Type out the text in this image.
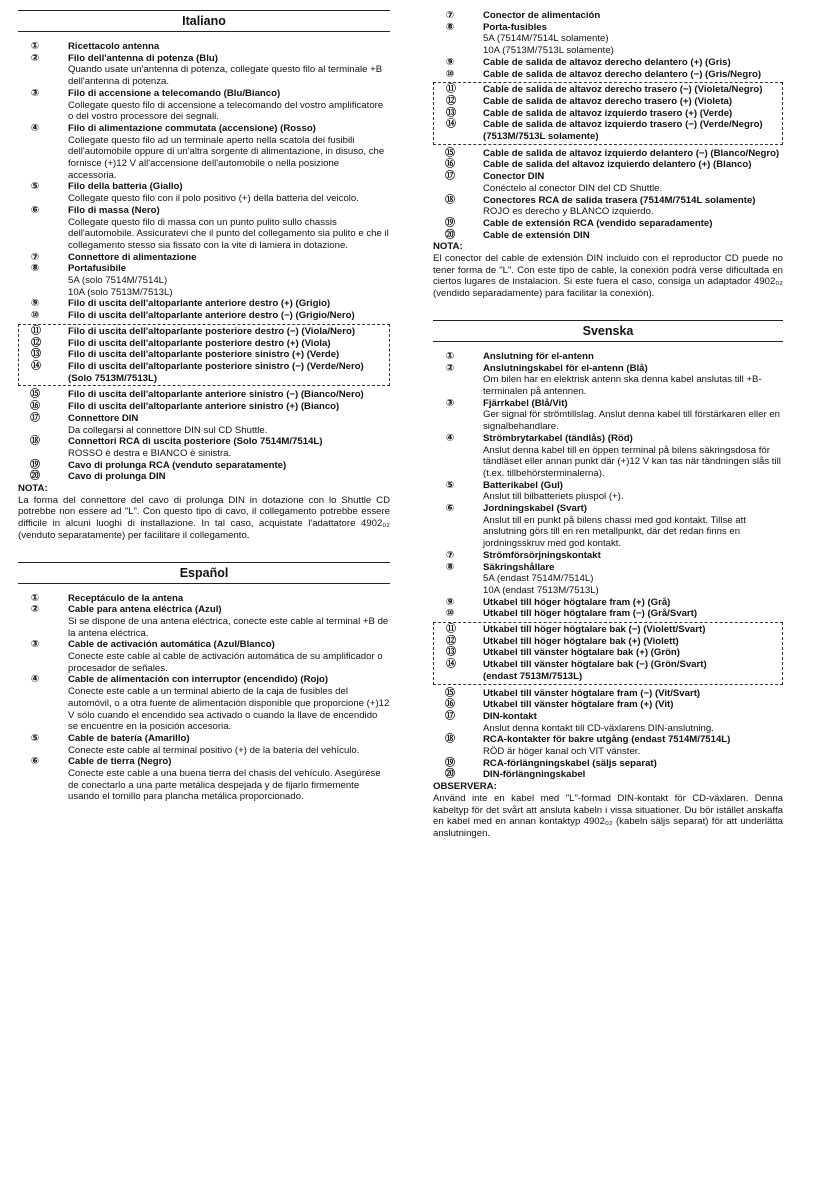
Italiano
①	Ricettacolo antenna
②	Filo dell'antenna di potenza (Blu)
Quando usate un'antenna di potenza, collegate questo filo al terminale +B dell'antenna di potenza.
③	Filo di accensione a telecomando (Blu/Bianco)
Collegate questo filo di accensione a telecomando del vostro amplificatore o del vostro processore dei segnali.
④	Filo di alimentazione commutata (accensione) (Rosso)
Collegate questo filo ad un terminale aperto nella scatola dei fusibili dell'automobile oppure di un'altra sorgente di alimentazione, in disuso, che fornisce (+)12 V all'accensione dell'automobile o nella posizione accessoria.
⑤	Filo della batteria (Giallo)
Collegate questo filo con il polo positivo (+) della batteria del veicolo.
⑥	Filo di massa (Nero)
Collegate questo filo di massa con un punto pulito sullo chassis dell'automobile. Assicuratevi che il punto del collegamento sia pulito e che il collegamento stesso sia fissato con la vite di lamiera in dotazione.
⑦	Connettore di alimentazione
⑧	Portafusibile
5A (solo 7514M/7514L)
10A (solo 7513M/7513L)
⑨	Filo di uscita dell'altoparlante anteriore destro (+) (Grigio)
⑩	Filo di uscita dell'altoparlante anteriore destro (−) (Grigio/Nero)
⑪	Filo di uscita dell'altoparlante posteriore destro (−) (Viola/Nero)
⑫	Filo di uscita dell'altoparlante posteriore destro (+) (Viola)
⑬	Filo di uscita dell'altoparlante posteriore sinistro (+) (Verde)
⑭	Filo di uscita dell'altoparlante posteriore sinistro (−) (Verde/Nero)
(Solo 7513M/7513L)
⑮	Filo di uscita dell'altoparlante anteriore sinistro (−) (Bianco/Nero)
⑯	Filo di uscita dell'altoparlante anteriore sinistro (+) (Bianco)
⑰	Connettore DIN
Da collegarsi al connettore DIN sul CD Shuttle.
⑱	Connettori RCA di uscita posteriore (Solo 7514M/7514L)
ROSSO è destra e BIANCO è sinistra.
⑲	Cavo di prolunga RCA (venduto separatamente)
⑳	Cavo di prolunga DIN
NOTA:
La forma del connettore del cavo di prolunga DIN in dotazione con lo Shuttle CD potrebbe non essere ad "L". Con questo tipo di cavo, il collegamento potrebbe essere difficile in alcuni luoghi di installazione. In tal caso, acquistate l'adattatore 4902₀₂ (venduto separatamente) per facilitare il collegamento.
Español
①	Receptáculo de la antena
②	Cable para antena eléctrica (Azul)
Si se dispone de una antena eléctrica, conecte este cable al terminal +B de la antena eléctrica.
③	Cable de activación automática (Azul/Blanco)
Conecte este cable al cable de activación automática de su amplificador o procesador de señales.
④	Cable de alimentación con interruptor (encendido) (Rojo)
Conecte este cable a un terminal abierto de la caja de fusibles del automóvil, o a otra fuente de alimentación disponible que proporcione (+)12 V sólo cuando el encendido sea activado o cuando la llave de encendido se encuentre en la posición accesoria.
⑤	Cable de batería (Amarillo)
Conecte este cable al terminal positivo (+) de la batería del vehículo.
⑥	Cable de tierra (Negro)
Conecte este cable a una buena tierra del chasis del vehículo. Asegúrese de conectarlo a una parte metálica despejada y de fijarlo firmemente usando el tornillo para plancha metálica proporcionado.
⑦	Conector de alimentación
⑧	Porta-fusibles
5A (7514M/7514L solamente)
10A (7513M/7513L solamente)
⑨	Cable de salida de altavoz derecho delantero (+) (Gris)
⑩	Cable de salida de altavoz derecho delantero (−) (Gris/Negro)
⑪	Cable de salida de altavoz derecho trasero (−) (Violeta/Negro)
⑫	Cable de salida de altavoz derecho trasero (+) (Violeta)
⑬	Cable de salida de altavoz izquierdo trasero (+) (Verde)
⑭	Cable de salida de altavoz izquierdo trasero (−) (Verde/Negro)
(7513M/7513L solamente)
⑮	Cable de salida de altavoz izquierdo delantero (−) (Blanco/Negro)
⑯	Cable de salida del altavoz izquierdo delantero (+) (Blanco)
⑰	Conector DIN
Conéctelo al conector DIN del CD Shuttle.
⑱	Conectores RCA de salida trasera (7514M/7514L solamente)
ROJO es derecho y BLANCO izquierdo.
⑲	Cable de extensión RCA (vendido separadamente)
⑳	Cable de extensión DIN
NOTA:
El conector del cable de extensión DIN incluido con el reproductor CD puede no tener forma de "L". Con este tipo de cable, la conexión podrá verse dificultada en ciertos lugares de instalacion. Si este fuera el caso, consiga un adaptador 4902₀₂ (vendido separadamente) para facilitar la conexión).
Svenska
①	Anslutning för el-antenn
②	Anslutningskabel för el-antenn (Blå)
Om bilen har en elektrisk antenn ska denna kabel anslutas till +B-terminalen på antennen.
③	Fjärrkabel (Blå/Vit)
Ger signal för strömtillslag. Anslut denna kabel till förstärkaren eller en signalbehandlare.
④	Strömbrytarkabel (tändlås) (Röd)
Anslut denna kabel till en öppen terminal på bilens säkringsdosa för tändläset eller annan punkt där (+)12 V kan tas när tändningen slås till (t.ex. tillbehörsterminalerna).
⑤	Batterikabel (Gul)
Anslut till bilbatteriets pluspol (+).
⑥	Jordningskabel (Svart)
Anslut till en punkt på bilens chassi med god kontakt. Tillse att anslutning görs till en ren metallpunkt, där det redan finns en jordningsskruv med god kontakt.
⑦	Strömförsörjningskontakt
⑧	Säkringshållare
5A (endast 7514M/7514L)
10A (endast 7513M/7513L)
⑨	Utkabel till höger högtalare fram (+) (Grå)
⑩	Utkabel till höger högtalare fram (−) (Grå/Svart)
⑪	Utkabel till höger högtalare bak (−) (Violett/Svart)
⑫	Utkabel till höger högtalare bak (+) (Violett)
⑬	Utkabel till vänster högtalare bak (+) (Grön)
⑭	Utkabel till vänster högtalare bak (−) (Grön/Svart)
(endast 7513M/7513L)
⑮	Utkabel till vänster högtalare fram (−) (Vit/Svart)
⑯	Utkabel till vänster högtalare fram (+) (Vit)
⑰	DIN-kontakt
Anslut denna kontakt till CD-växlarens DIN-anslutning.
⑱	RCA-kontakter för bakre utgång (endast 7514M/7514L)
RÖD är höger kanal och VIT vänster.
⑲	RCA-förlängningskabel (säljs separat)
⑳	DIN-förlängningskabel
OBSERVERA:
Använd inte en kabel med "L"-formad DIN-kontakt för CD-växlaren. Denna kabeltyp för det svårt att ansluta kabeln i vissa situationer. Du bör istället anskaffa en kabel med en annan kontaktyp 4902₀₂ (kabeln säljs separat) för att underlätta anslutningen.
